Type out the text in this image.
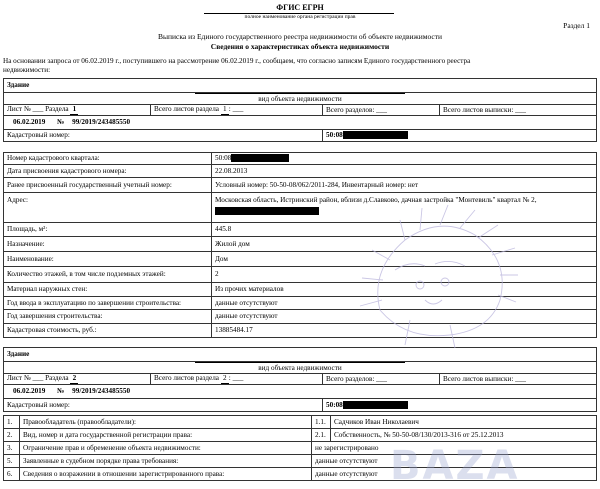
ФГИС ЕГРН
полное наименование органа регистрации прав
Раздел 1
Выписка из Единого государственного реестра недвижимости об объекте недвижимости
Сведения о характеристиках объекта недвижимости
На основании запроса от 06.02.2019 г., поступившего на рассмотрение 06.02.2019 г., сообщаем, что согласно записям Единого государственного реестра
недвижимости:
Здание			

вид объекта недвижимости			

Лист № ___ Раздела 1	Всего листов раздела 1 : ___	Всего разделов: ___	Всего листов выписки: ___
06.02.2019 № 99/2019/243485550			
Кадастровый номер:		50:08	
Номер кадастрового квартала:	50:08
Дата присвоения кадастрового номера:	22.08.2013
Ранее присвоенный государственный учетный номер:	Условный номер: 50-50-08/062/2011-284, Инвентарный номер: нет
Адрес:	Московская область, Истринский район, вблизи д.Славково, дачная застройка "Монтевиль" квартал № 2,

Площадь, м²:	445.8
Назначение:	Жилой дом
Наименование:	Дом
Количество этажей, в том числе подземных этажей:	2
Материал наружных стен:	Из прочих материалов
Год ввода в эксплуатацию по завершении строительства:	данные отсутствуют
Год завершения строительства:	данные отсутствуют
Кадастровая стоимость, руб.:	13885484.17
Здание			

вид объекта недвижимости			

Лист № ___ Раздела 2	Всего листов раздела 2 : ___	Всего разделов: ___	Всего листов выписки: ___
06.02.2019 № 99/2019/243485550			
Кадастровый номер:		50:08	
1.	Правообладатель (правообладатели):	1.1.	Садчиков Иван Николаевич
2.	Вид, номер и дата государственной регистрации права:	2.1.	Собственность, № 50-50-08/130/2013-316 от 25.12.2013
3.	Ограничение прав и обременение объекта недвижимости:	не зарегистрировано	
5.	Заявленные в судебном порядке права требования:	данные отсутствуют	
6.	Сведения о возражении в отношении зарегистрированного права:	данные отсутствуют	BAZA
